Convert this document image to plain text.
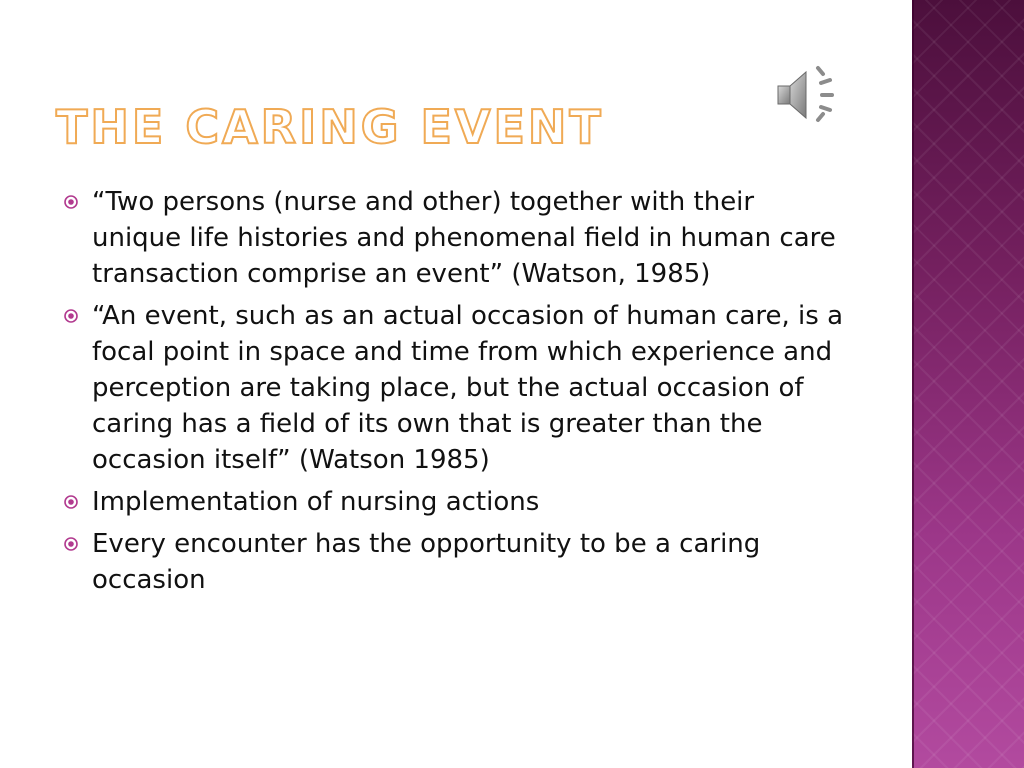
THE CARING EVENT
“Two persons (nurse and other) together with their unique life histories and phenomenal field in human care transaction comprise an event” (Watson, 1985)
“An event, such as an actual occasion of human care, is a focal point in space and time from which experience and perception are taking place, but the actual occasion of caring has a field of its own that is greater than the occasion itself” (Watson 1985)
Implementation of nursing actions
Every encounter has the opportunity to be a caring occasion
